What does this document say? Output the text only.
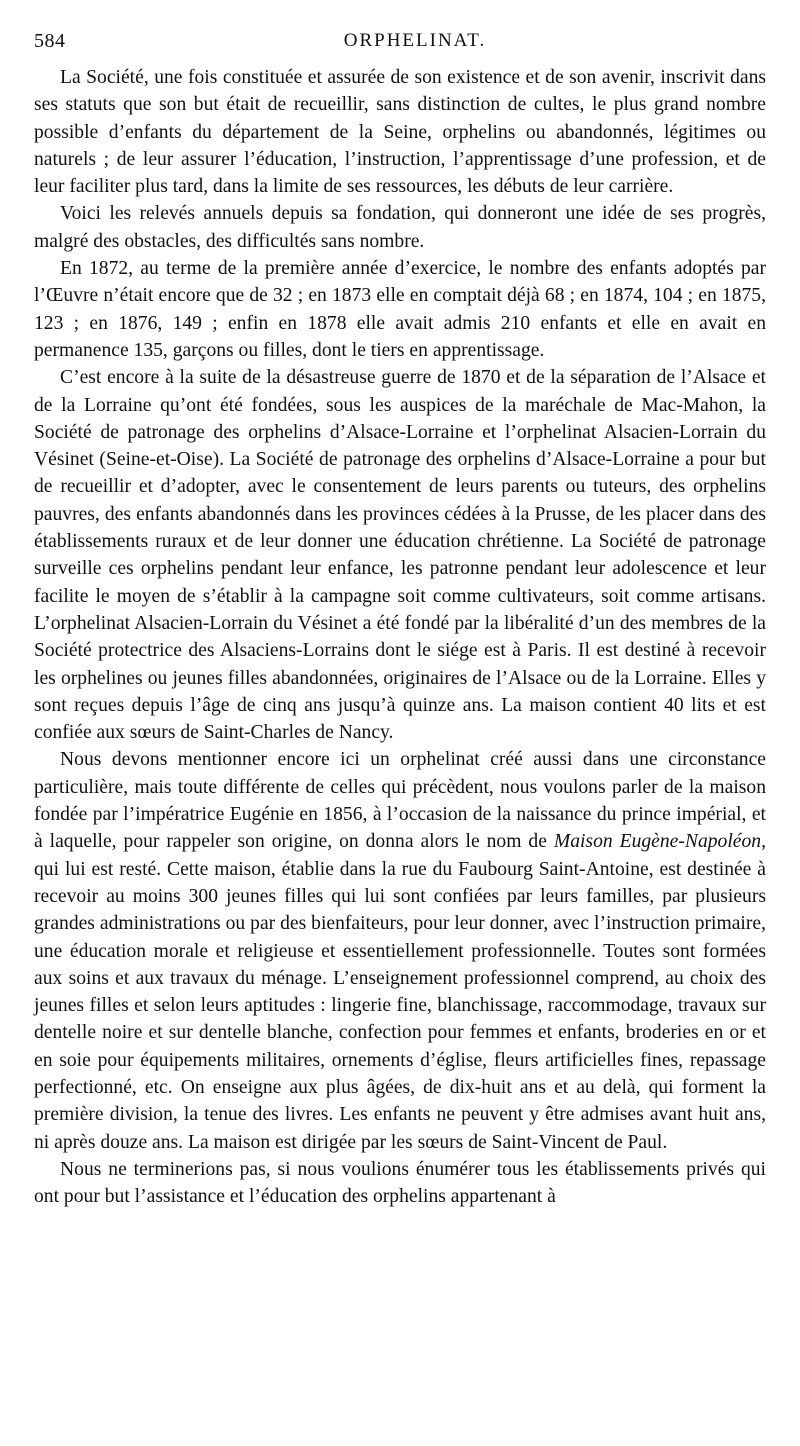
584	ORPHELINAT.

La Société, une fois constituée et assurée de son existence et de son avenir, inscrivit dans ses statuts que son but était de recueillir, sans distinction de cultes, le plus grand nombre possible d’enfants du département de la Seine, orphelins ou abandonnés, légitimes ou naturels ; de leur assurer l’éducation, l’instruction, l’apprentissage d’une profession, et de leur faciliter plus tard, dans la limite de ses ressources, les débuts de leur carrière.

Voici les relevés annuels depuis sa fondation, qui donneront une idée de ses progrès, malgré des obstacles, des difficultés sans nombre.

En 1872, au terme de la première année d’exercice, le nombre des enfants adoptés par l’Œuvre n’était encore que de 32 ; en 1873 elle en comptait déjà 68 ; en 1874, 104 ; en 1875, 123 ; en 1876, 149 ; enfin en 1878 elle avait admis 210 enfants et elle en avait en permanence 135, garçons ou filles, dont le tiers en apprentissage.

C’est encore à la suite de la désastreuse guerre de 1870 et de la séparation de l’Alsace et de la Lorraine qu’ont été fondées, sous les auspices de la maréchale de Mac-Mahon, la Société de patronage des orphelins d’Alsace-Lorraine et l’orphelinat Alsacien-Lorrain du Vésinet (Seine-et-Oise). La Société de patronage des orphelins d’Alsace-Lorraine a pour but de recueillir et d’adopter, avec le consentement de leurs parents ou tuteurs, des orphelins pauvres, des enfants abandonnés dans les provinces cédées à la Prusse, de les placer dans des établissements ruraux et de leur donner une éducation chrétienne. La Société de patronage surveille ces orphelins pendant leur enfance, les patronne pendant leur adolescence et leur facilite le moyen de s’établir à la campagne soit comme cultivateurs, soit comme artisans. L’orphelinat Alsacien-Lorrain du Vésinet a été fondé par la libéralité d’un des membres de la Société protectrice des Alsaciens-Lorrains dont le siége est à Paris. Il est destiné à recevoir les orphelines ou jeunes filles abandonnées, originaires de l’Alsace ou de la Lorraine. Elles y sont reçues depuis l’âge de cinq ans jusqu’à quinze ans. La maison contient 40 lits et est confiée aux sœurs de Saint-Charles de Nancy.

Nous devons mentionner encore ici un orphelinat créé aussi dans une circonstance particulière, mais toute différente de celles qui précèdent, nous voulons parler de la maison fondée par l’impératrice Eugénie en 1856, à l’occasion de la naissance du prince impérial, et à laquelle, pour rappeler son origine, on donna alors le nom de Maison Eugène-Napoléon, qui lui est resté. Cette maison, établie dans la rue du Faubourg Saint-Antoine, est destinée à recevoir au moins 300 jeunes filles qui lui sont confiées par leurs familles, par plusieurs grandes administrations ou par des bienfaiteurs, pour leur donner, avec l’instruction primaire, une éducation morale et religieuse et essentiellement professionnelle. Toutes sont formées aux soins et aux travaux du ménage. L’enseignement professionnel comprend, au choix des jeunes filles et selon leurs aptitudes : lingerie fine, blanchissage, raccommodage, travaux sur dentelle noire et sur dentelle blanche, confection pour femmes et enfants, broderies en or et en soie pour équipements militaires, ornements d’église, fleurs artificielles fines, repassage perfectionné, etc. On enseigne aux plus âgées, de dix-huit ans et au delà, qui forment la première division, la tenue des livres. Les enfants ne peuvent y être admises avant huit ans, ni après douze ans. La maison est dirigée par les sœurs de Saint-Vincent de Paul.

Nous ne terminerions pas, si nous voulions énumérer tous les établissements privés qui ont pour but l’assistance et l’éducation des orphelins appartenant à
